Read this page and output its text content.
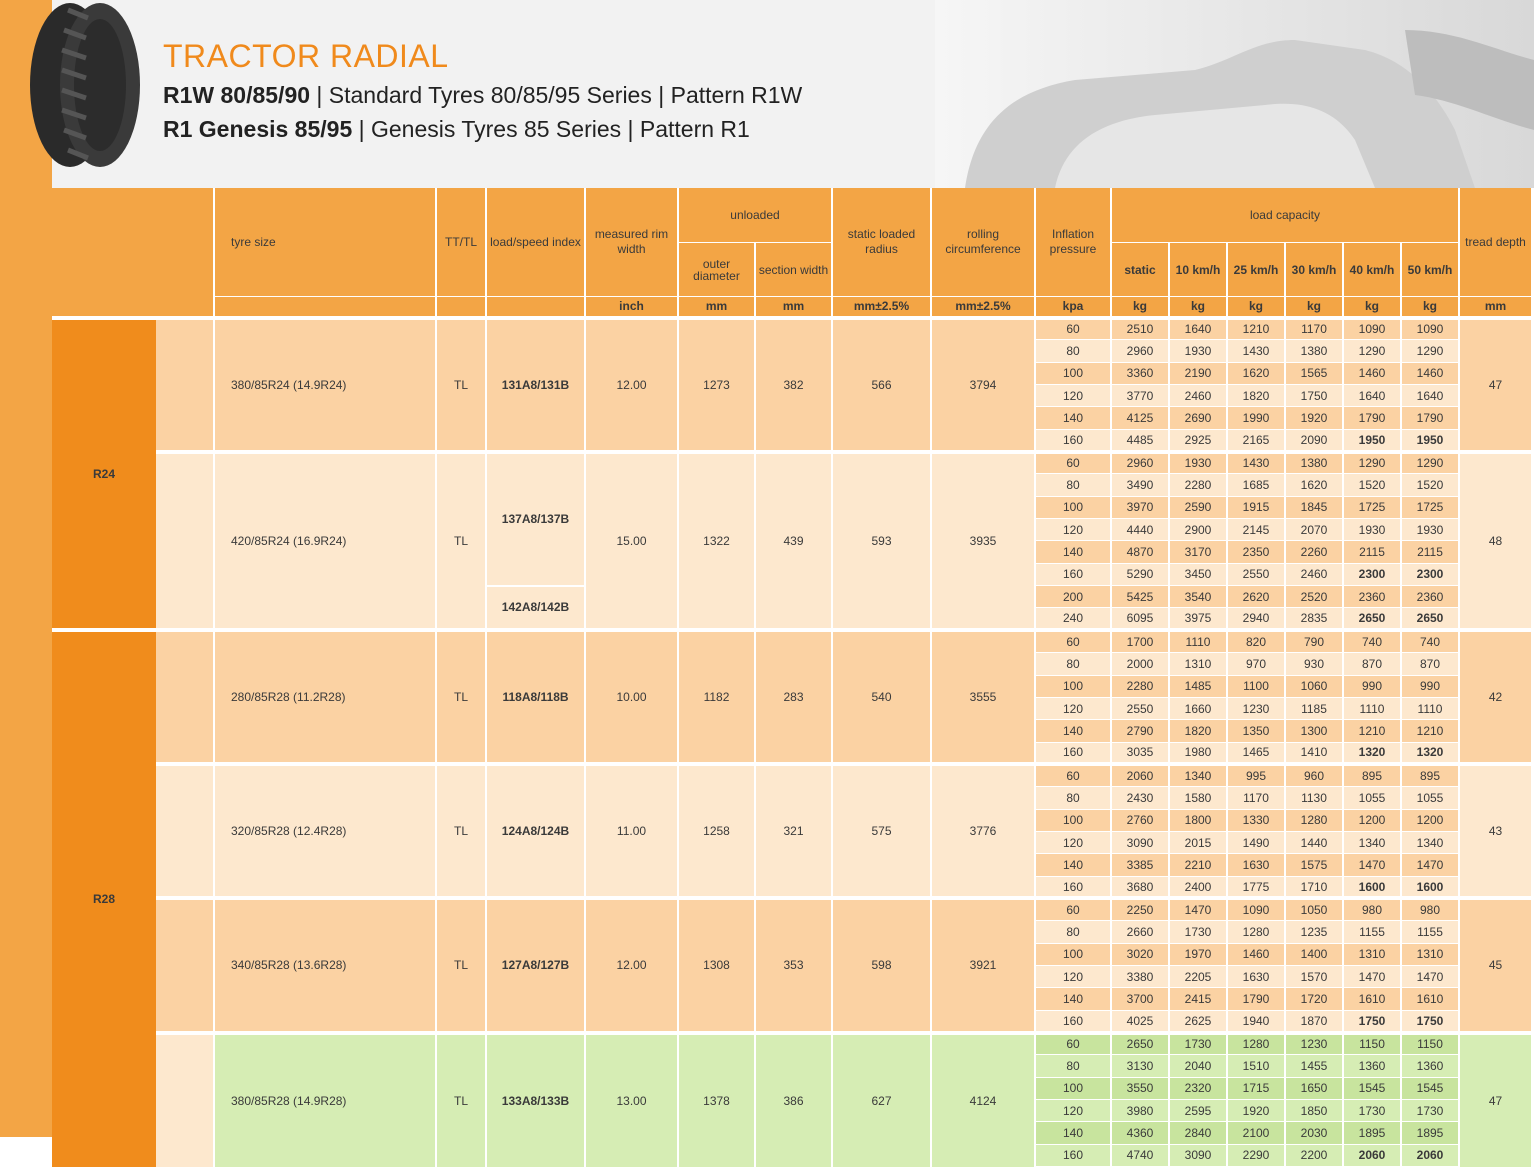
TRACTOR RADIAL
R1W 80/85/90 | Standard Tyres 80/85/95 Series | Pattern R1W
R1 Genesis 85/95 | Genesis Tyres 85 Series | Pattern R1
		tyre size	TT/TL	load/speed index	measured rim width	unloaded		static loaded radius	rolling circumference	Inflation pressure	load capacity						tread depth
						outer diameter	section width				static	10 km/h	25 km/h	30 km/h	40 km/h	50 km/h	
					inch	mm	mm	mm±2.5%	mm±2.5%	kpa	kg	kg	kg	kg	kg	kg	mm
R24		380/85R24 (14.9R24)	TL	131A8/131B	12.00	1273	382	566	3794	60	2510	1640	1210	1170	1090	1090	47
										80	2960	1930	1430	1380	1290	1290	
										100	3360	2190	1620	1565	1460	1460	
										120	3770	2460	1820	1750	1640	1640	
										140	4125	2690	1990	1920	1790	1790	
										160	4485	2925	2165	2090	1950	1950	
		420/85R24 (16.9R24)	TL	137A8/137B	15.00	1322	439	593	3935	60	2960	1930	1430	1380	1290	1290	48
										80	3490	2280	1685	1620	1520	1520	
										100	3970	2590	1915	1845	1725	1725	
										120	4440	2900	2145	2070	1930	1930	
										140	4870	3170	2350	2260	2115	2115	
										160	5290	3450	2550	2460	2300	2300	
				142A8/142B						200	5425	3540	2620	2520	2360	2360	
										240	6095	3975	2940	2835	2650	2650	
R28		280/85R28 (11.2R28)	TL	118A8/118B	10.00	1182	283	540	3555	60	1700	1110	820	790	740	740	42
										80	2000	1310	970	930	870	870	
										100	2280	1485	1100	1060	990	990	
										120	2550	1660	1230	1185	1110	1110	
										140	2790	1820	1350	1300	1210	1210	
										160	3035	1980	1465	1410	1320	1320	
		320/85R28 (12.4R28)	TL	124A8/124B	11.00	1258	321	575	3776	60	2060	1340	995	960	895	895	43
										80	2430	1580	1170	1130	1055	1055	
										100	2760	1800	1330	1280	1200	1200	
										120	3090	2015	1490	1440	1340	1340	
										140	3385	2210	1630	1575	1470	1470	
										160	3680	2400	1775	1710	1600	1600	
		340/85R28 (13.6R28)	TL	127A8/127B	12.00	1308	353	598	3921	60	2250	1470	1090	1050	980	980	45
										80	2660	1730	1280	1235	1155	1155	
										100	3020	1970	1460	1400	1310	1310	
										120	3380	2205	1630	1570	1470	1470	
										140	3700	2415	1790	1720	1610	1610	
										160	4025	2625	1940	1870	1750	1750	
		380/85R28 (14.9R28)	TL	133A8/133B	13.00	1378	386	627	4124	60	2650	1730	1280	1230	1150	1150	47
										80	3130	2040	1510	1455	1360	1360	
										100	3550	2320	1715	1650	1545	1545	
										120	3980	2595	1920	1850	1730	1730	
										140	4360	2840	2100	2030	1895	1895	
										160	4740	3090	2290	2200	2060	2060	
